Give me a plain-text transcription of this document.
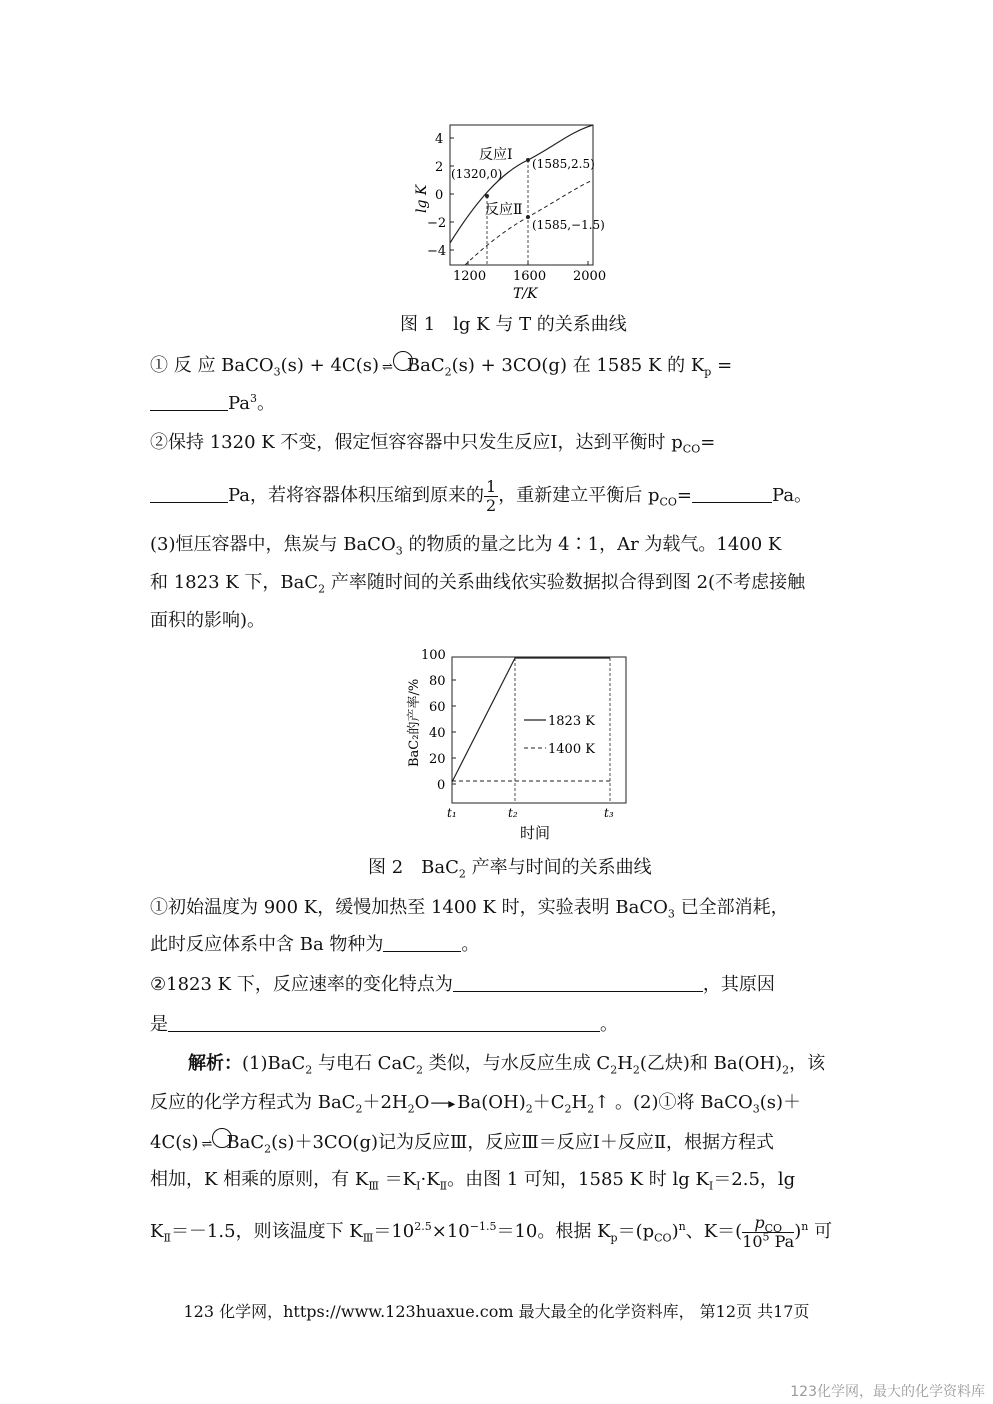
4
2
0
−2
−4
1200 1600 2000
T/K
lg K
反应Ⅰ
反应Ⅱ
(1320,0)
(1585,2.5)
(1585,−1.5)
图 1　lg K 与 T 的关系曲线
① 反 应 BaCO$_3$(s) + 4C(s) ⇌ BaC$_2$(s) + 3CO(g) 在 1585 K 的 $K_p$ =
$Pa^3$。
②保持 1320 K 不变，假定恒容容器中只发生反应Ⅰ，达到平衡时 $p_{CO}=$
Pa，若将容器体积压缩到原来的 $\frac{1}{2}$ ，重新建立平衡后 $p_{CO}=$	Pa。
(3)恒压容器中，焦炭与 BaCO$_3$ 的物质的量之比为 4∶1，Ar 为载气。1400 K
和 1823 K 下，BaC$_2$ 产率随时间的关系曲线依实验数据拟合得到图 2(不考虑接触
面积的影响)。
100
80
60
40
20
0
t₁	t₂	t₃
时间
BaC₂的产率/%	1823 K
1400 K
图 2　BaC$_2$ 产率与时间的关系曲线
①初始温度为 900 K，缓慢加热至 1400 K 时，实验表明 BaCO$_3$ 已全部消耗，
此时反应体系中含 Ba 物种为	。
②1823 K 下，反应速率的变化特点为	，其原因
是	。
解析：(1)BaC$_2$ 与电石 CaC$_2$ 类似，与水反应生成 $C_2H_2$(乙炔)和 $Ba(OH)_2$，该
反应的化学方程式为 $BaC_2+2H_2O$ ──▸ $Ba(OH)_2+C_2H_2↑$ 。(2)①将 BaCO$_3$(s)＋
4C(s) ⇌ BaC$_2$(s)＋3CO(g)记为反应Ⅲ，反应Ⅲ＝反应Ⅰ＋反应Ⅱ，根据方程式
相加，K 相乘的原则，有 $K_Ⅲ =K_Ⅰ\cdot K_Ⅱ$。由图 1 可知，1585 K 时 $\lg K_Ⅰ=2.5$，lg
$K_Ⅱ=-1.5$，则该温度下 $K_Ⅲ=10^{2.5}\times 10^{-1.5}=10$。根据 $K_p=(p_{CO})^n$、$K=( \frac{p_{CO}}{10^5 Pa} )^n$ 可
123 化学网，https://www.123huaxue.com 最大最全的化学资料库， 第12页 共17页
123化学网，最大的化学资料库
